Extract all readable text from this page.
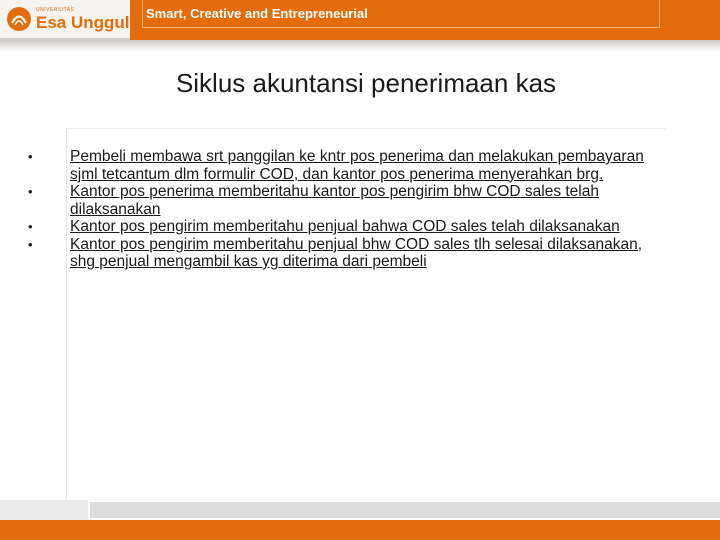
UNIVERSITAS
Esa Unggul Smart, Creative and Entrepreneurial
Siklus akuntansi penerimaan kas
•	Pembeli membawa srt panggilan ke kntr pos penerima dan melakukan pembayaran sjml tetcantum dlm formulir COD, dan kantor pos penerima menyerahkan brg.
•	Kantor pos penerima memberitahu kantor pos pengirim bhw COD sales telah dilaksanakan
•	Kantor pos pengirim memberitahu penjual bahwa COD sales telah dilaksanakan
•	Kantor pos pengirim memberitahu penjual bhw COD sales tlh selesai dilaksanakan, shg penjual mengambil kas yg diterima dari pembeli
